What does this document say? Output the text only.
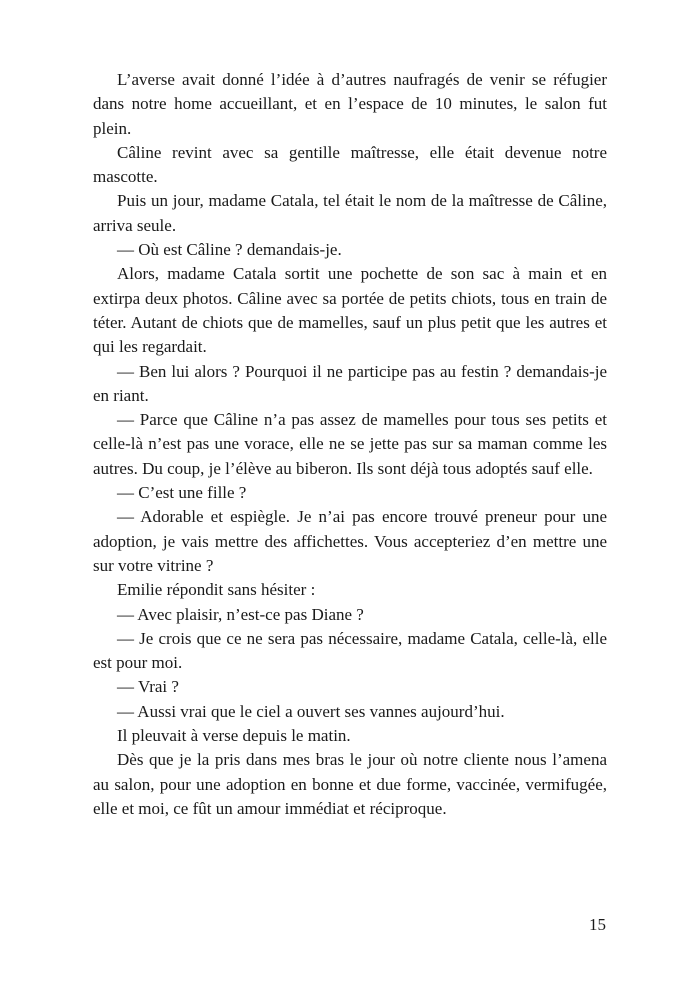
L’averse avait donné l’idée à d’autres naufragés de venir se réfugier dans notre home accueillant, et en l’espace de 10 minutes, le salon fut plein.

Câline revint avec sa gentille maîtresse, elle était devenue notre mascotte.

Puis un jour, madame Catala, tel était le nom de la maîtresse de Câline, arriva seule.

— Où est Câline ? demandais-je.

Alors, madame Catala sortit une pochette de son sac à main et en extirpa deux photos. Câline avec sa portée de petits chiots, tous en train de téter. Autant de chiots que de mamelles, sauf un plus petit que les autres et qui les regardait.

— Ben lui alors ? Pourquoi il ne participe pas au festin ? demandais-je en riant.

— Parce que Câline n’a pas assez de mamelles pour tous ses petits et celle-là n’est pas une vorace, elle ne se jette pas sur sa maman comme les autres. Du coup, je l’élève au biberon. Ils sont déjà tous adoptés sauf elle.

— C’est une fille ?

— Adorable et espiègle. Je n’ai pas encore trouvé preneur pour une adoption, je vais mettre des affichettes. Vous accepteriez d’en mettre une sur votre vitrine ?

Emilie répondit sans hésiter :

— Avec plaisir, n’est-ce pas Diane ?

— Je crois que ce ne sera pas nécessaire, madame Catala, celle-là, elle est pour moi.

— Vrai ?

— Aussi vrai que le ciel a ouvert ses vannes aujourd’hui.

Il pleuvait à verse depuis le matin.

Dès que je la pris dans mes bras le jour où notre cliente nous l’amena au salon, pour une adoption en bonne et due forme, vaccinée, vermifugée, elle et moi, ce fût un amour immédiat et réciproque.

15
